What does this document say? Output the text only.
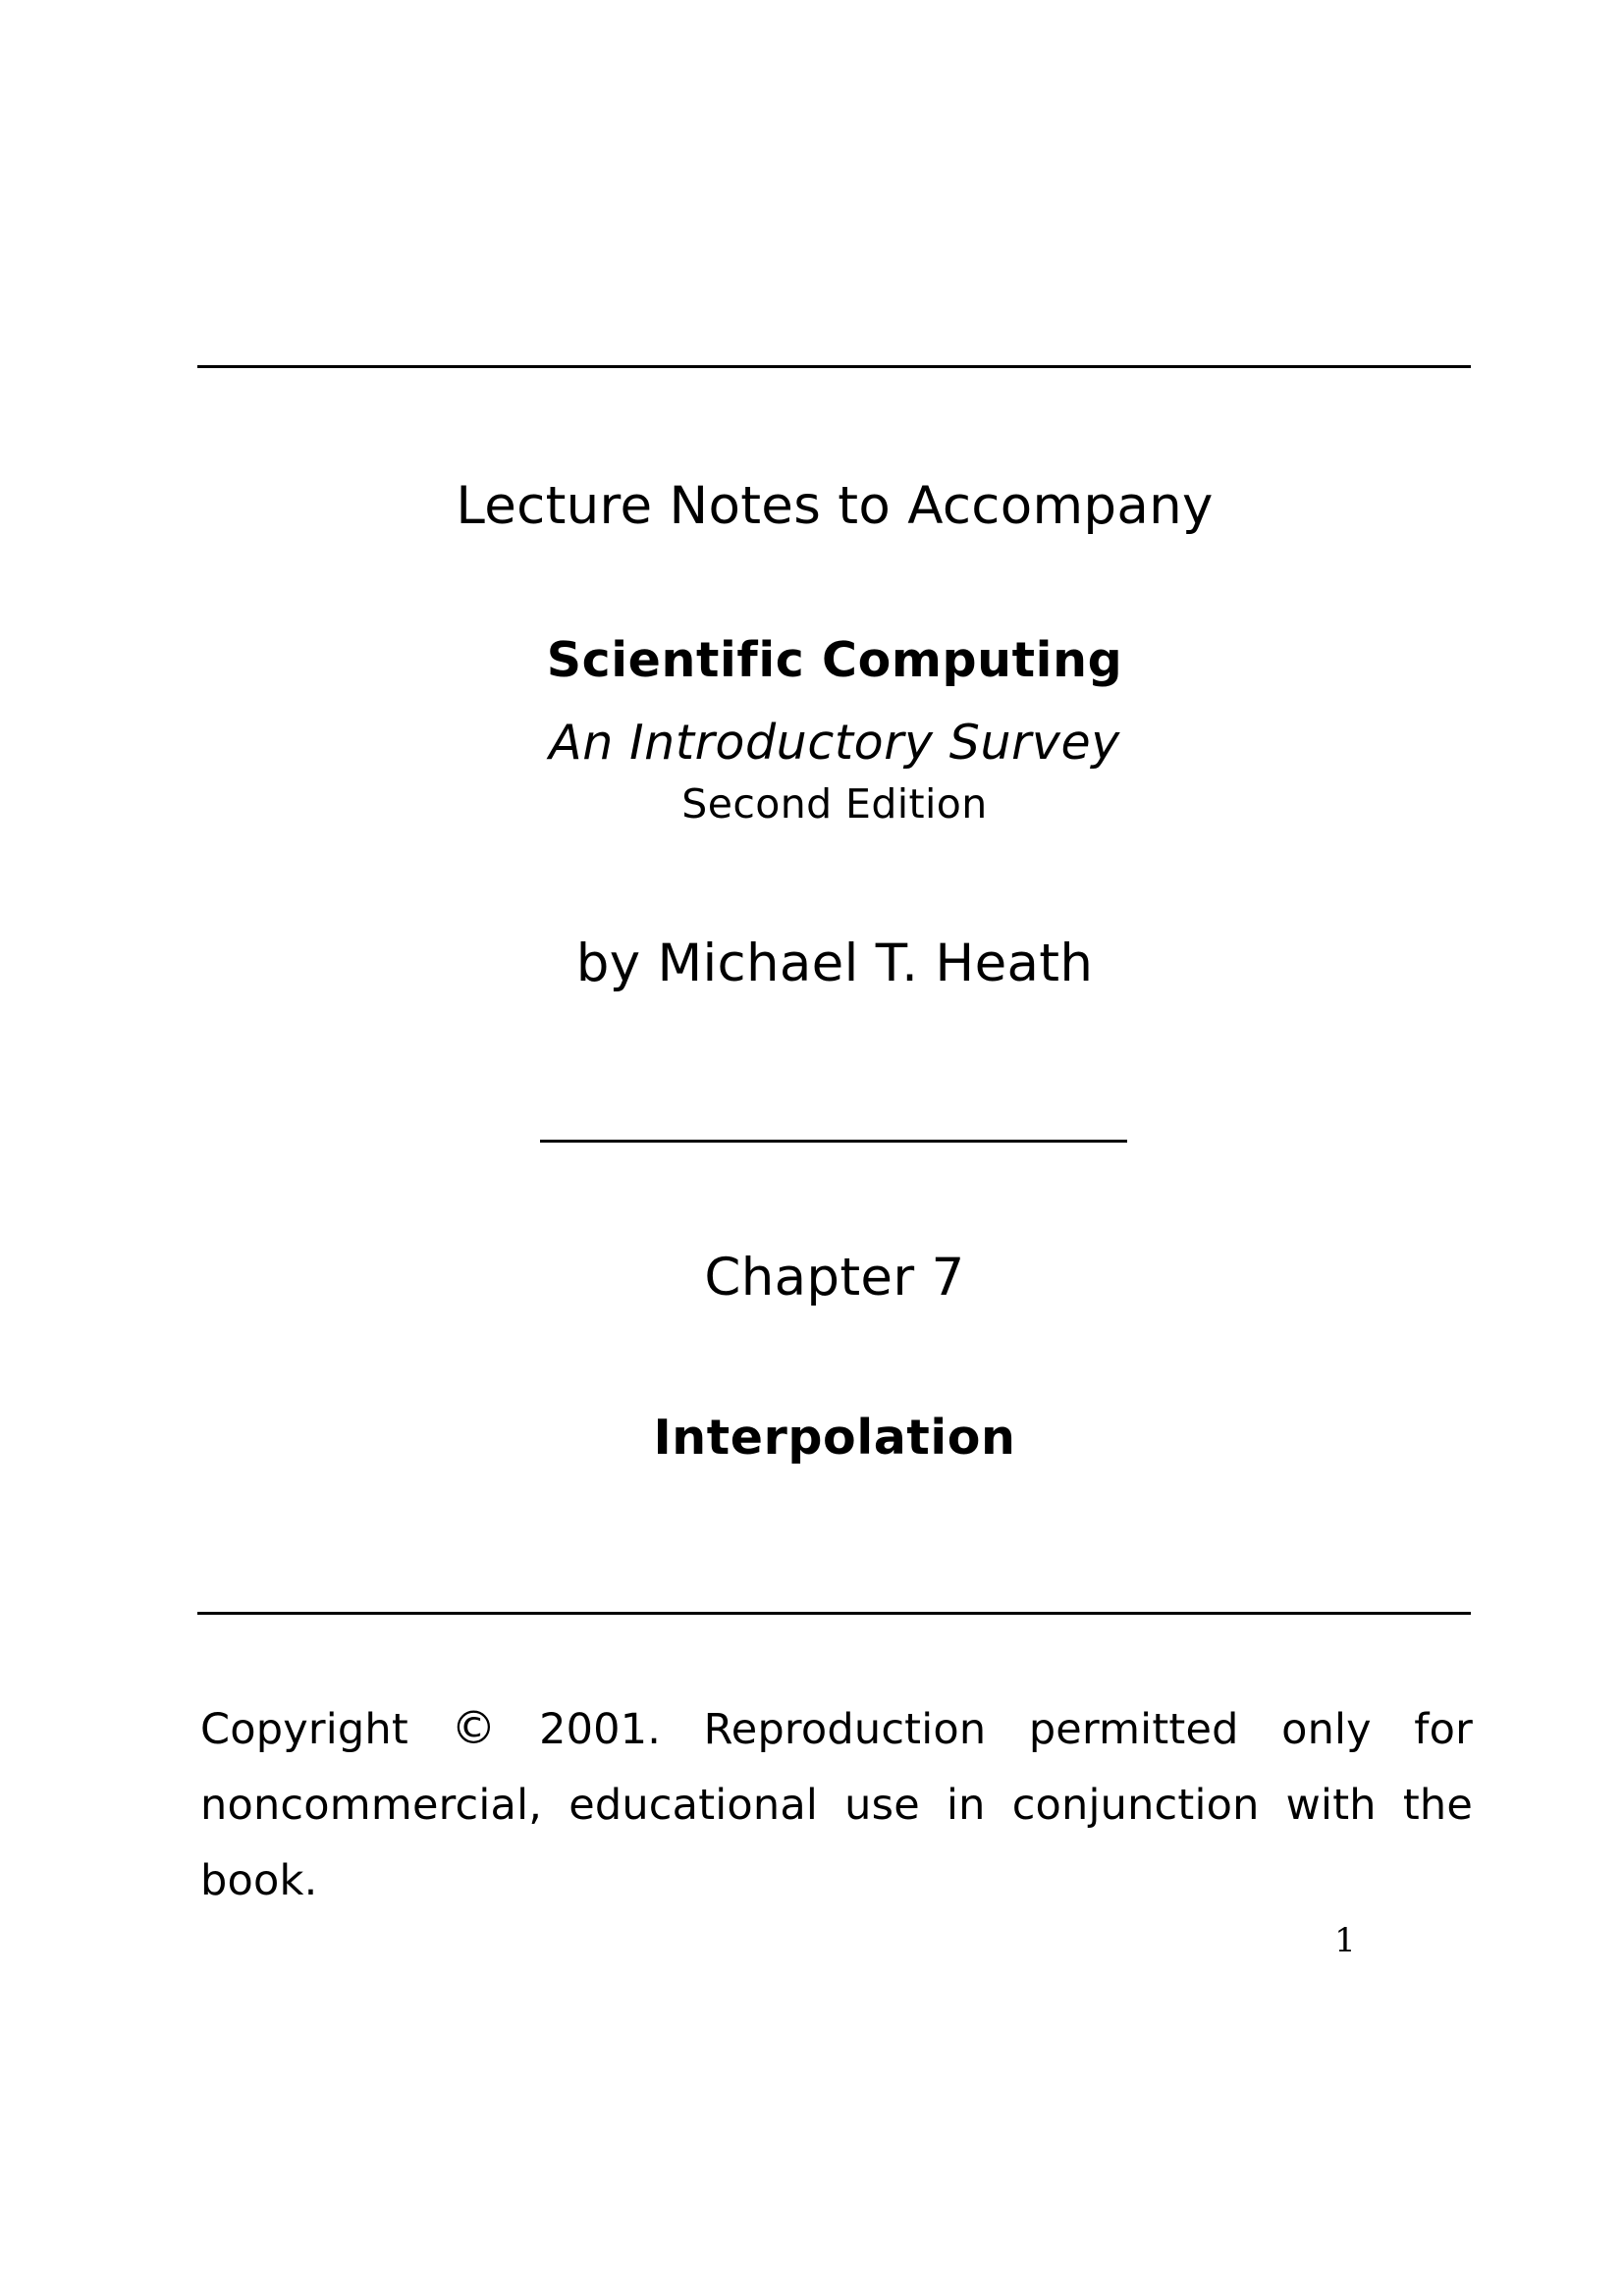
Lecture Notes to Accompany
Scientific Computing
An Introductory Survey
Second Edition
by Michael T. Heath
Chapter 7
Interpolation
Copyright © 2001. Reproduction permitted only for
noncommercial, educational use in conjunction with the
book.
1
